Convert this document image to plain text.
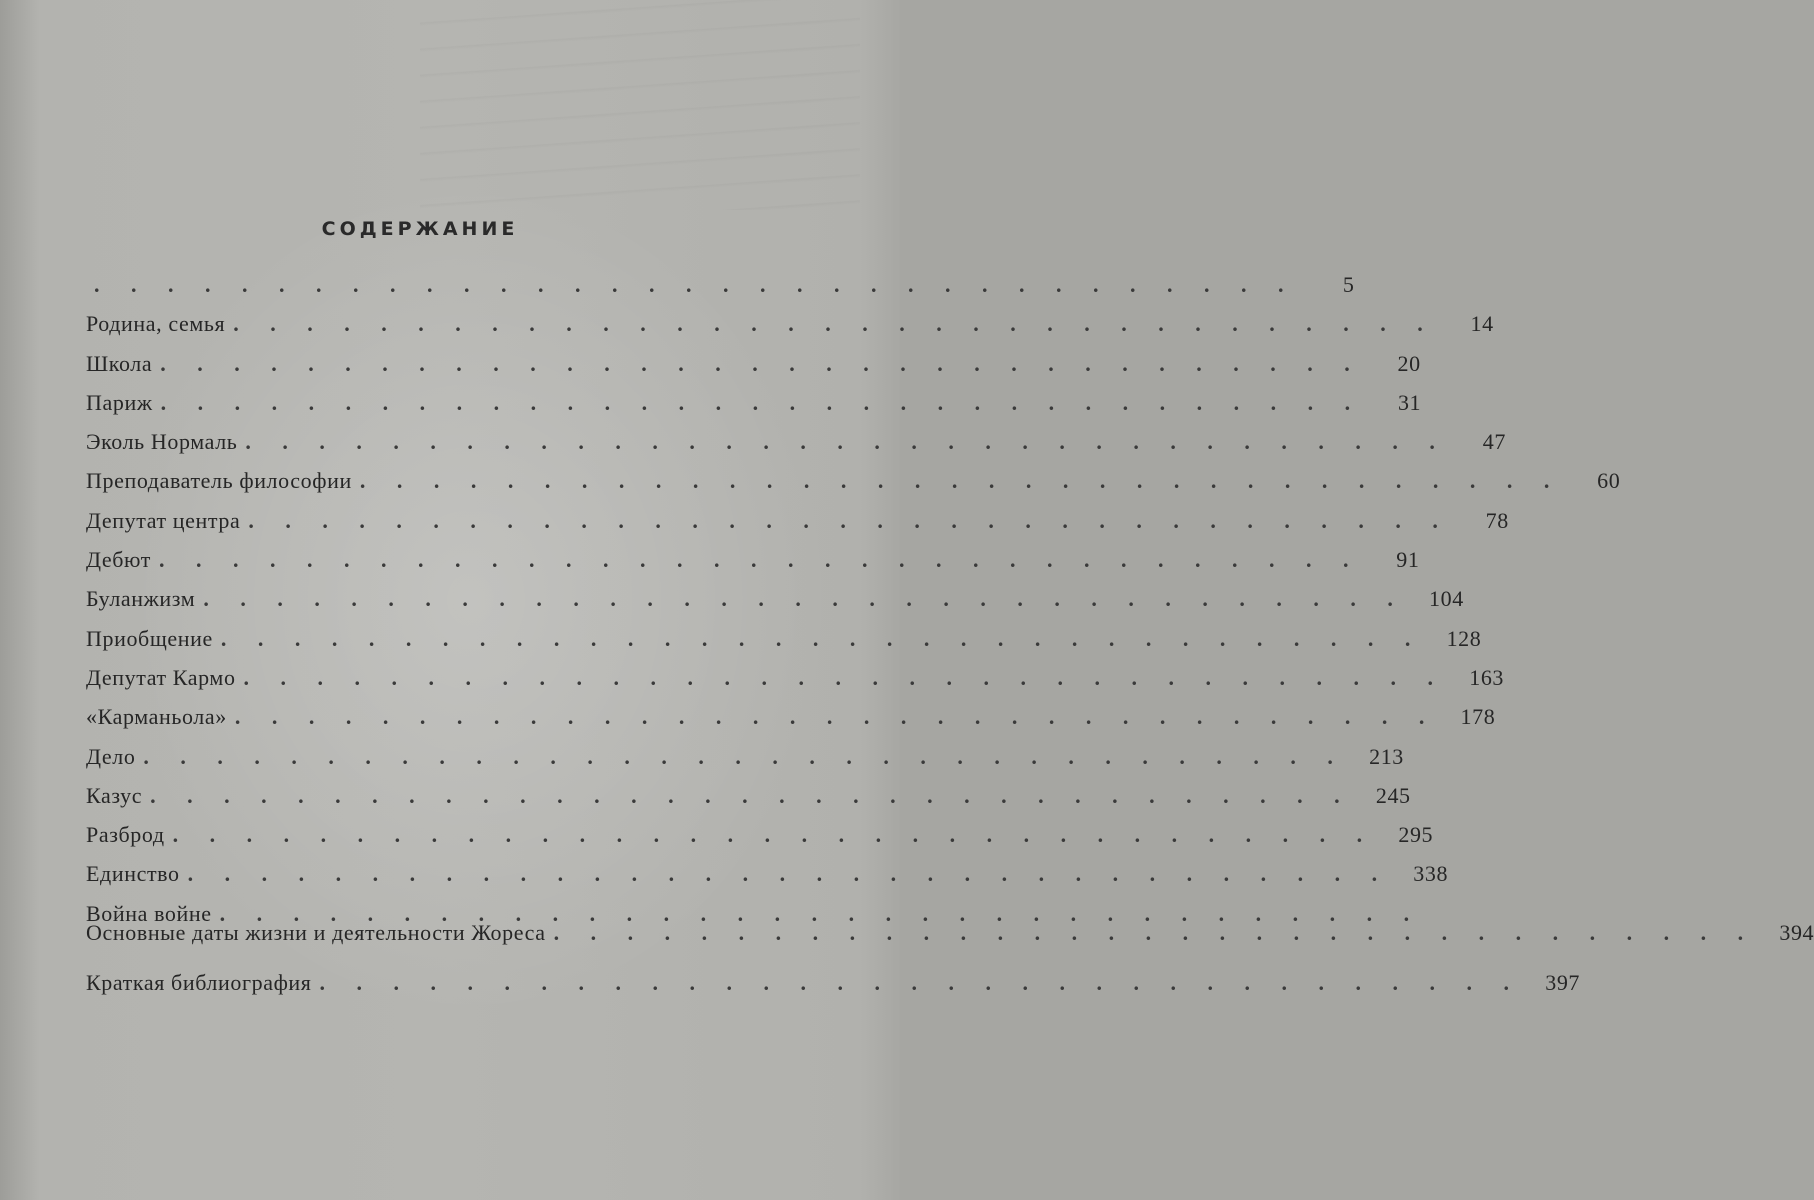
СОДЕРЖАНИЕ
. . . . . . . . . . . . . . . . . . . . . . . . . . . . . . . . .	5
Родина, семья . . . . . . . . . . . . . . . . . . . . . . . . . . . . . . . . .	14
Школа . . . . . . . . . . . . . . . . . . . . . . . . . . . . . . . . .	20
Париж . . . . . . . . . . . . . . . . . . . . . . . . . . . . . . . . .	31
Эколь Нормаль . . . . . . . . . . . . . . . . . . . . . . . . . . . . . . . . .	47
Преподаватель философии . . . . . . . . . . . . . . . . . . . . . . . . . . . . . . . . .	60
Депутат центра . . . . . . . . . . . . . . . . . . . . . . . . . . . . . . . . .	78
Дебют . . . . . . . . . . . . . . . . . . . . . . . . . . . . . . . . .	91
Буланжизм . . . . . . . . . . . . . . . . . . . . . . . . . . . . . . . . .	104
Приобщение . . . . . . . . . . . . . . . . . . . . . . . . . . . . . . . . .	128
Депутат Кармо . . . . . . . . . . . . . . . . . . . . . . . . . . . . . . . . .	163
«Карманьола» . . . . . . . . . . . . . . . . . . . . . . . . . . . . . . . . .	178
Дело . . . . . . . . . . . . . . . . . . . . . . . . . . . . . . . . .	213
Казус . . . . . . . . . . . . . . . . . . . . . . . . . . . . . . . . .	245
Разброд . . . . . . . . . . . . . . . . . . . . . . . . . . . . . . . . .	295
Единство . . . . . . . . . . . . . . . . . . . . . . . . . . . . . . . . .	338
Война войне . . . . . . . . . . . . . . . . . . . . . . . . . . . . . . . . .
Основные даты жизни и деятельности Жореса . . . . . . . . . . . . . . . . . . . . . . . . . . . . . . . . .	394
Краткая библиография . . . . . . . . . . . . . . . . . . . . . . . . . . . . . . . . .	397
